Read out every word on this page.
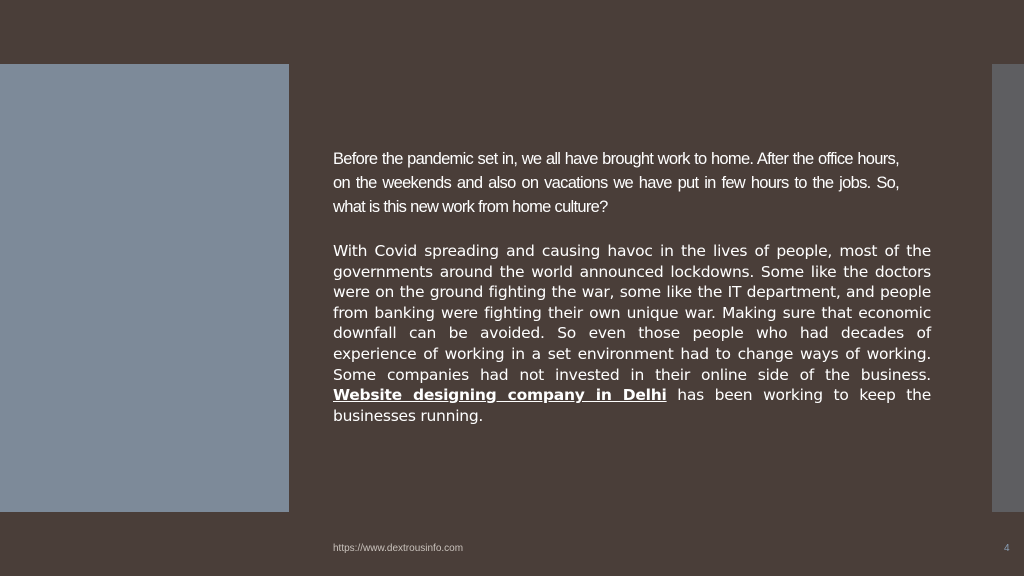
Before the pandemic set in, we all have brought work to home. After the office hours, on the weekends and also on vacations we have put in few hours to the jobs. So, what is this new work from home culture?

With Covid spreading and causing havoc in the lives of people, most of the governments around the world announced lockdowns. Some like the doctors were on the ground fighting the war, some like the IT department, and people from banking were fighting their own unique war. Making sure that economic downfall can be avoided. So even those people who had decades of experience of working in a set environment had to change ways of working. Some companies had not invested in their online side of the business. Website designing company in Delhi has been working to keep the businesses running.

https://www.dextrousinfo.com	4
